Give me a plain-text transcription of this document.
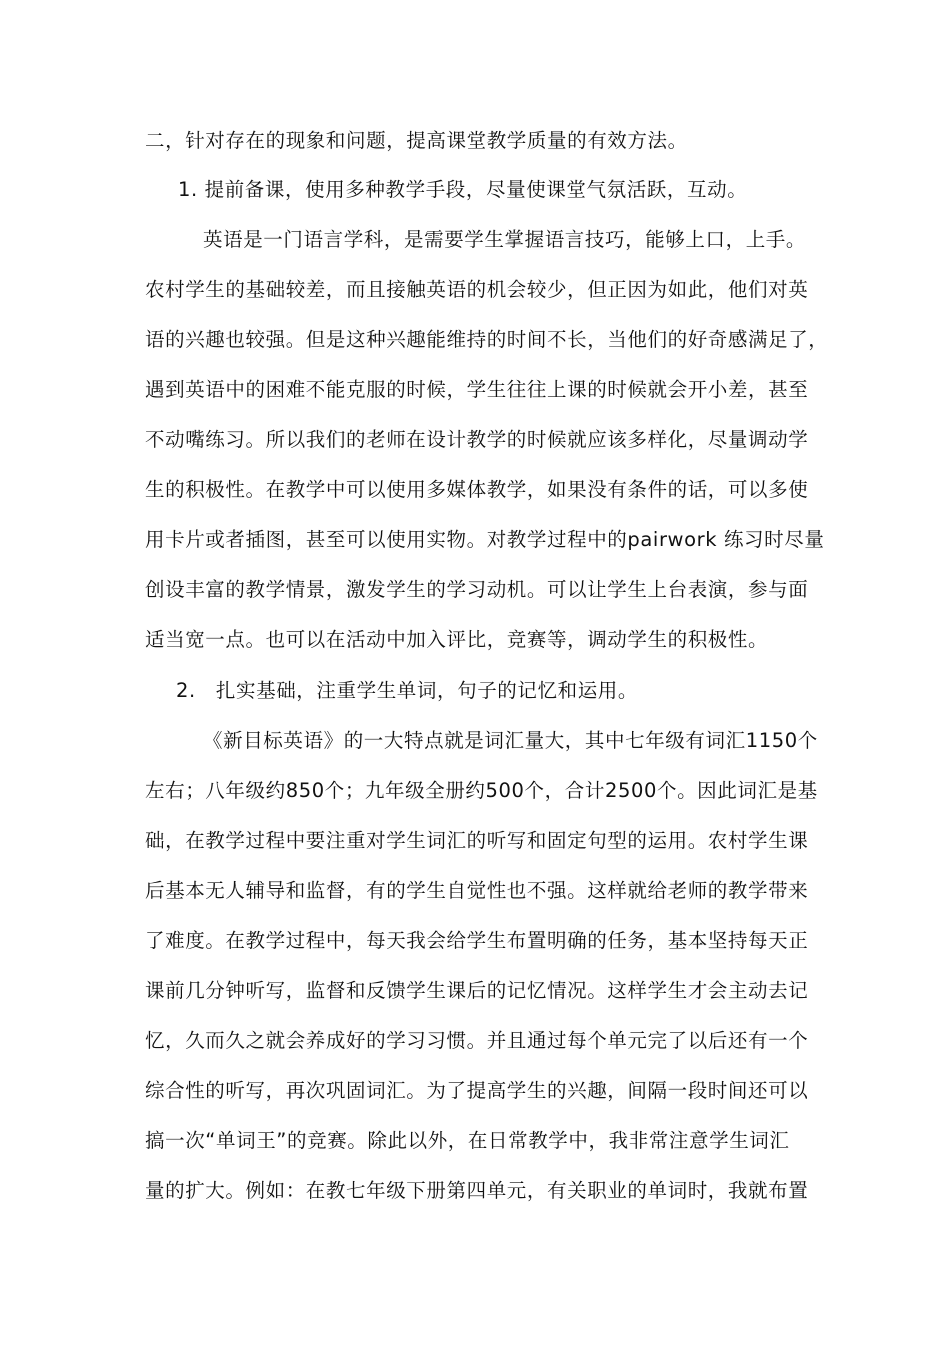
二，针对存在的现象和问题，提高课堂教学质量的有效方法。
1. 提前备课，使用多种教学手段，尽量使课堂气氛活跃，互动。
英语是一门语言学科，是需要学生掌握语言技巧，能够上口，上手。
农村学生的基础较差，而且接触英语的机会较少，但正因为如此，他们对英
语的兴趣也较强。但是这种兴趣能维持的时间不长，当他们的好奇感满足了，
遇到英语中的困难不能克服的时候，学生往往上课的时候就会开小差，甚至
不动嘴练习。所以我们的老师在设计教学的时候就应该多样化，尽量调动学
生的积极性。在教学中可以使用多媒体教学，如果没有条件的话，可以多使
用卡片或者插图，甚至可以使用实物。对教学过程中的pairwork 练习时尽量
创设丰富的教学情景，激发学生的学习动机。可以让学生上台表演，参与面
适当宽一点。也可以在活动中加入评比，竞赛等，调动学生的积极性。
2.　扎实基础，注重学生单词，句子的记忆和运用。
《新目标英语》的一大特点就是词汇量大，其中七年级有词汇1150个
左右；八年级约850个；九年级全册约500个，合计2500个。因此词汇是基
础，在教学过程中要注重对学生词汇的听写和固定句型的运用。农村学生课
后基本无人辅导和监督，有的学生自觉性也不强。这样就给老师的教学带来
了难度。在教学过程中，每天我会给学生布置明确的任务，基本坚持每天正
课前几分钟听写，监督和反馈学生课后的记忆情况。这样学生才会主动去记
忆，久而久之就会养成好的学习习惯。并且通过每个单元完了以后还有一个
综合性的听写，再次巩固词汇。为了提高学生的兴趣，间隔一段时间还可以
搞一次“单词王”的竞赛。除此以外，在日常教学中，我非常注意学生词汇
量的扩大。例如：在教七年级下册第四单元，有关职业的单词时，我就布置
